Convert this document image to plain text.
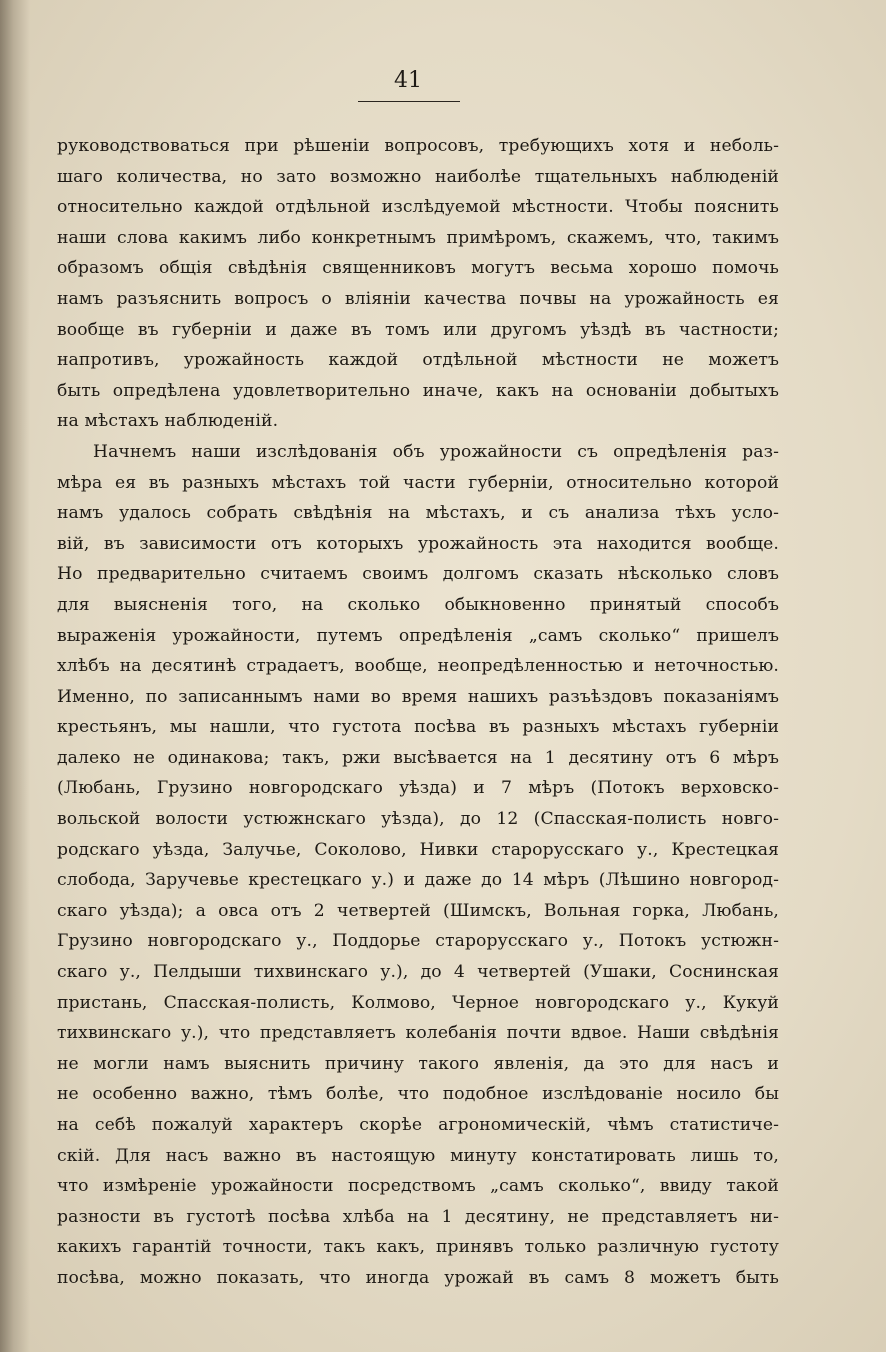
41
руководствоваться при рѣшеніи вопросовъ, требующихъ хотя и неболь-
шаго количества, но зато возможно наиболѣе тщательныхъ наблюденій
относительно каждой отдѣльной изслѣдуемой мѣстности. Чтобы пояснить
наши слова какимъ либо конкретнымъ примѣромъ, скажемъ, что, такимъ
образомъ общія свѣдѣнія священниковъ могутъ весьма хорошо помочь
намъ разъяснить вопросъ о вліяніи качества почвы на урожайность ея
вообще въ губерніи и даже въ томъ или другомъ уѣздѣ въ частности;
напротивъ, урожайность каждой отдѣльной мѣстности не можетъ
быть опредѣлена удовлетворительно иначе, какъ на основаніи добытыхъ
на мѣстахъ наблюденій.
Начнемъ наши изслѣдованія объ урожайности съ опредѣленія раз-
мѣра ея въ разныхъ мѣстахъ той части губерніи, относительно которой
намъ удалось собрать свѣдѣнія на мѣстахъ, и съ анализа тѣхъ усло-
вій, въ зависимости отъ которыхъ урожайность эта находится вообще.
Но предварительно считаемъ своимъ долгомъ сказать нѣсколько словъ
для выясненія того, на сколько обыкновенно принятый способъ
выраженія урожайности, путемъ опредѣленія „самъ сколько“ пришелъ
хлѣбъ на десятинѣ страдаетъ, вообще, неопредѣленностью и неточностью.
Именно, по записаннымъ нами во время нашихъ разъѣздовъ показаніямъ
крестьянъ, мы нашли, что густота посѣва въ разныхъ мѣстахъ губерніи
далеко не одинакова; такъ, ржи высѣвается на 1 десятину отъ 6 мѣръ
(Любань, Грузино новгородскаго уѣзда) и 7 мѣръ (Потокъ верховско-
вольской волости устюжнскаго уѣзда), до 12 (Спасская-полисть новго-
родскаго уѣзда, Залучье, Соколово, Нивки старорусскаго у., Крестецкая
слобода, Заручевье крестецкаго у.) и даже до 14 мѣръ (Лѣшино новгород-
скаго уѣзда); а овса отъ 2 четвертей (Шимскъ, Вольная горка, Любань,
Грузино новгородскаго у., Поддорье старорусскаго у., Потокъ устюжн-
скаго у., Пелдыши тихвинскаго у.), до 4 четвертей (Ушаки, Соснинская
пристань, Спасская-полисть, Колмово, Черное новгородскаго у., Кукуй
тихвинскаго у.), что представляетъ колебанія почти вдвое. Наши свѣдѣнія
не могли намъ выяснить причину такого явленія, да это для насъ и
не особенно важно, тѣмъ болѣе, что подобное изслѣдованіе носило бы
на себѣ пожалуй характеръ скорѣе агрономическій, чѣмъ статистиче-
скій. Для насъ важно въ настоящую минуту констатировать лишь то,
что измѣреніе урожайности посредствомъ „самъ сколько“, ввиду такой
разности въ густотѣ посѣва хлѣба на 1 десятину, не представляетъ ни-
какихъ гарантій точности, такъ какъ, принявъ только различную густоту
посѣва, можно показать, что иногда урожай въ самъ 8 можетъ быть
